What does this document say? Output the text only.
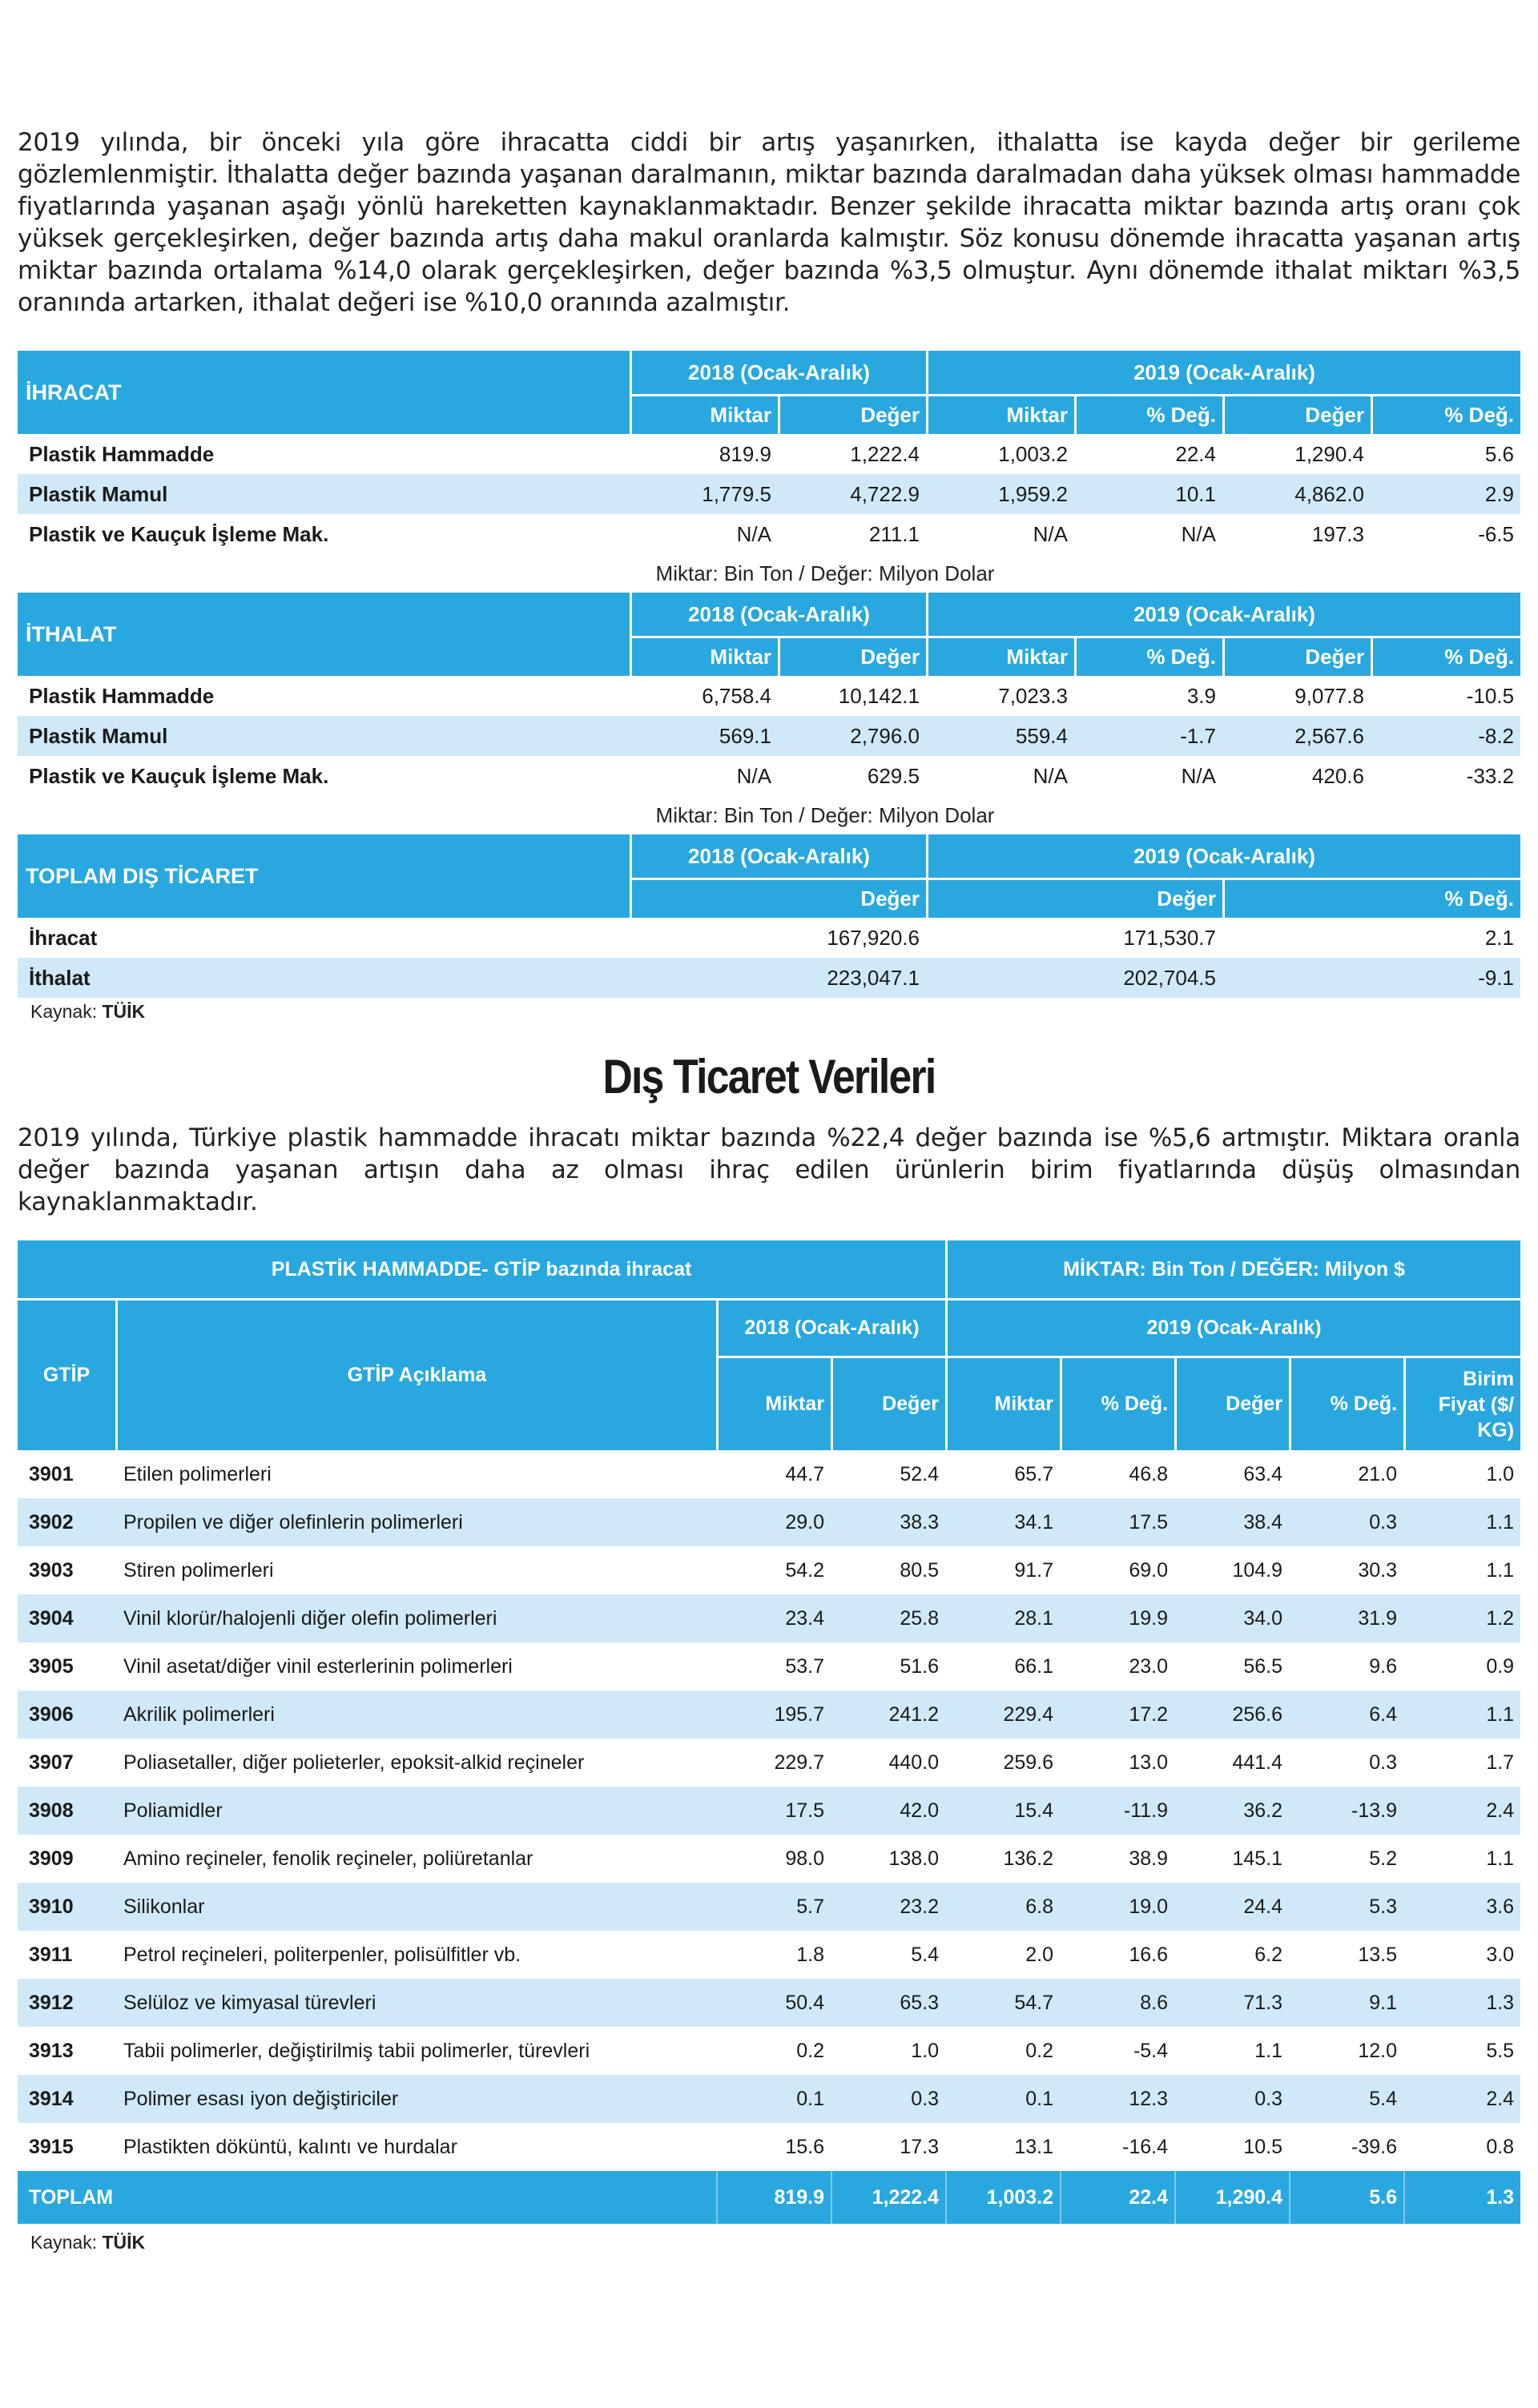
2019 yılında, bir önceki yıla göre ihracatta ciddi bir artış yaşanırken, ithalatta ise kayda değer bir gerileme gözlemlenmiştir. İthalatta değer bazında yaşanan daralmanın, miktar bazında daralmadan daha yüksek olması hammadde fiyatlarında yaşanan aşağı yönlü hareketten kaynaklanmaktadır. Benzer şekilde ihracatta miktar bazında artış oranı çok yüksek gerçekleşirken, değer bazında artış daha makul oranlarda kalmıştır. Söz konusu dönemde ihracatta yaşanan artış miktar bazında ortalama %14,0 olarak gerçekleşirken, değer bazında %3,5 olmuştur. Aynı dönemde ithalat miktarı %3,5 oranında artarken, ithalat değeri ise %10,0 oranında azalmıştır.

İHRACAT	2018 (Ocak-Aralık)		2019 (Ocak-Aralık)			
	Miktar	Değer	Miktar	% Değ.	Değer	% Değ.
Plastik Hammadde	819.9	1,222.4	1,003.2	22.4	1,290.4	5.6
Plastik Mamul	1,779.5	4,722.9	1,959.2	10.1	4,862.0	2.9
Plastik ve Kauçuk İşleme Mak.	N/A	211.1	N/A	N/A	197.3	-6.5
Miktar: Bin Ton / Değer: Milyon Dolar
İTHALAT	2018 (Ocak-Aralık)		2019 (Ocak-Aralık)			
	Miktar	Değer	Miktar	% Değ.	Değer	% Değ.
Plastik Hammadde	6,758.4	10,142.1	7,023.3	3.9	9,077.8	-10.5
Plastik Mamul	569.1	2,796.0	559.4	-1.7	2,567.6	-8.2
Plastik ve Kauçuk İşleme Mak.	N/A	629.5	N/A	N/A	420.6	-33.2
Miktar: Bin Ton / Değer: Milyon Dolar
TOPLAM DIŞ TİCARET	2018 (Ocak-Aralık)	2019 (Ocak-Aralık)	
	Değer	Değer	% Değ.
İhracat	167,920.6	171,530.7	2.1
İthalat	223,047.1	202,704.5	-9.1
Kaynak: TÜİK
Dış Ticaret Verileri

2019 yılında, Türkiye plastik hammadde ihracatı miktar bazında %22,4 değer bazında ise %5,6 artmıştır. Miktara oranla değer bazında yaşanan artışın daha az olması ihraç edilen ürünlerin birim fiyatlarında düşüş olmasından kaynaklanmaktadır.

PLASTİK HAMMADDE- GTİP bazında ihracat				MİKTAR: Bin Ton / DEĞER: Milyon $				
GTİP	GTİP Açıklama	2018 (Ocak-Aralık)		2019 (Ocak-Aralık)				
		Miktar	Değer	Miktar	% Değ.	Değer	% Değ.	Birim Fiyat ($/ KG)
3901	Etilen polimerleri	44.7	52.4	65.7	46.8	63.4	21.0	1.0
3902	Propilen ve diğer olefinlerin polimerleri	29.0	38.3	34.1	17.5	38.4	0.3	1.1
3903	Stiren polimerleri	54.2	80.5	91.7	69.0	104.9	30.3	1.1
3904	Vinil klorür/halojenli diğer olefin polimerleri	23.4	25.8	28.1	19.9	34.0	31.9	1.2
3905	Vinil asetat/diğer vinil esterlerinin polimerleri	53.7	51.6	66.1	23.0	56.5	9.6	0.9
3906	Akrilik polimerleri	195.7	241.2	229.4	17.2	256.6	6.4	1.1
3907	Poliasetaller, diğer polieterler, epoksit-alkid reçineler	229.7	440.0	259.6	13.0	441.4	0.3	1.7
3908	Poliamidler	17.5	42.0	15.4	-11.9	36.2	-13.9	2.4
3909	Amino reçineler, fenolik reçineler, poliüretanlar	98.0	138.0	136.2	38.9	145.1	5.2	1.1
3910	Silikonlar	5.7	23.2	6.8	19.0	24.4	5.3	3.6
3911	Petrol reçineleri, politerpenler, polisülfitler vb.	1.8	5.4	2.0	16.6	6.2	13.5	3.0
3912	Selüloz ve kimyasal türevleri	50.4	65.3	54.7	8.6	71.3	9.1	1.3
3913	Tabii polimerler, değiştirilmiş tabii polimerler, türevleri	0.2	1.0	0.2	-5.4	1.1	12.0	5.5
3914	Polimer esası iyon değiştiriciler	0.1	0.3	0.1	12.3	0.3	5.4	2.4
3915	Plastikten döküntü, kalıntı ve hurdalar	15.6	17.3	13.1	-16.4	10.5	-39.6	0.8
TOPLAM		819.9	1,222.4	1,003.2	22.4	1,290.4	5.6	1.3
Kaynak: TÜİK
